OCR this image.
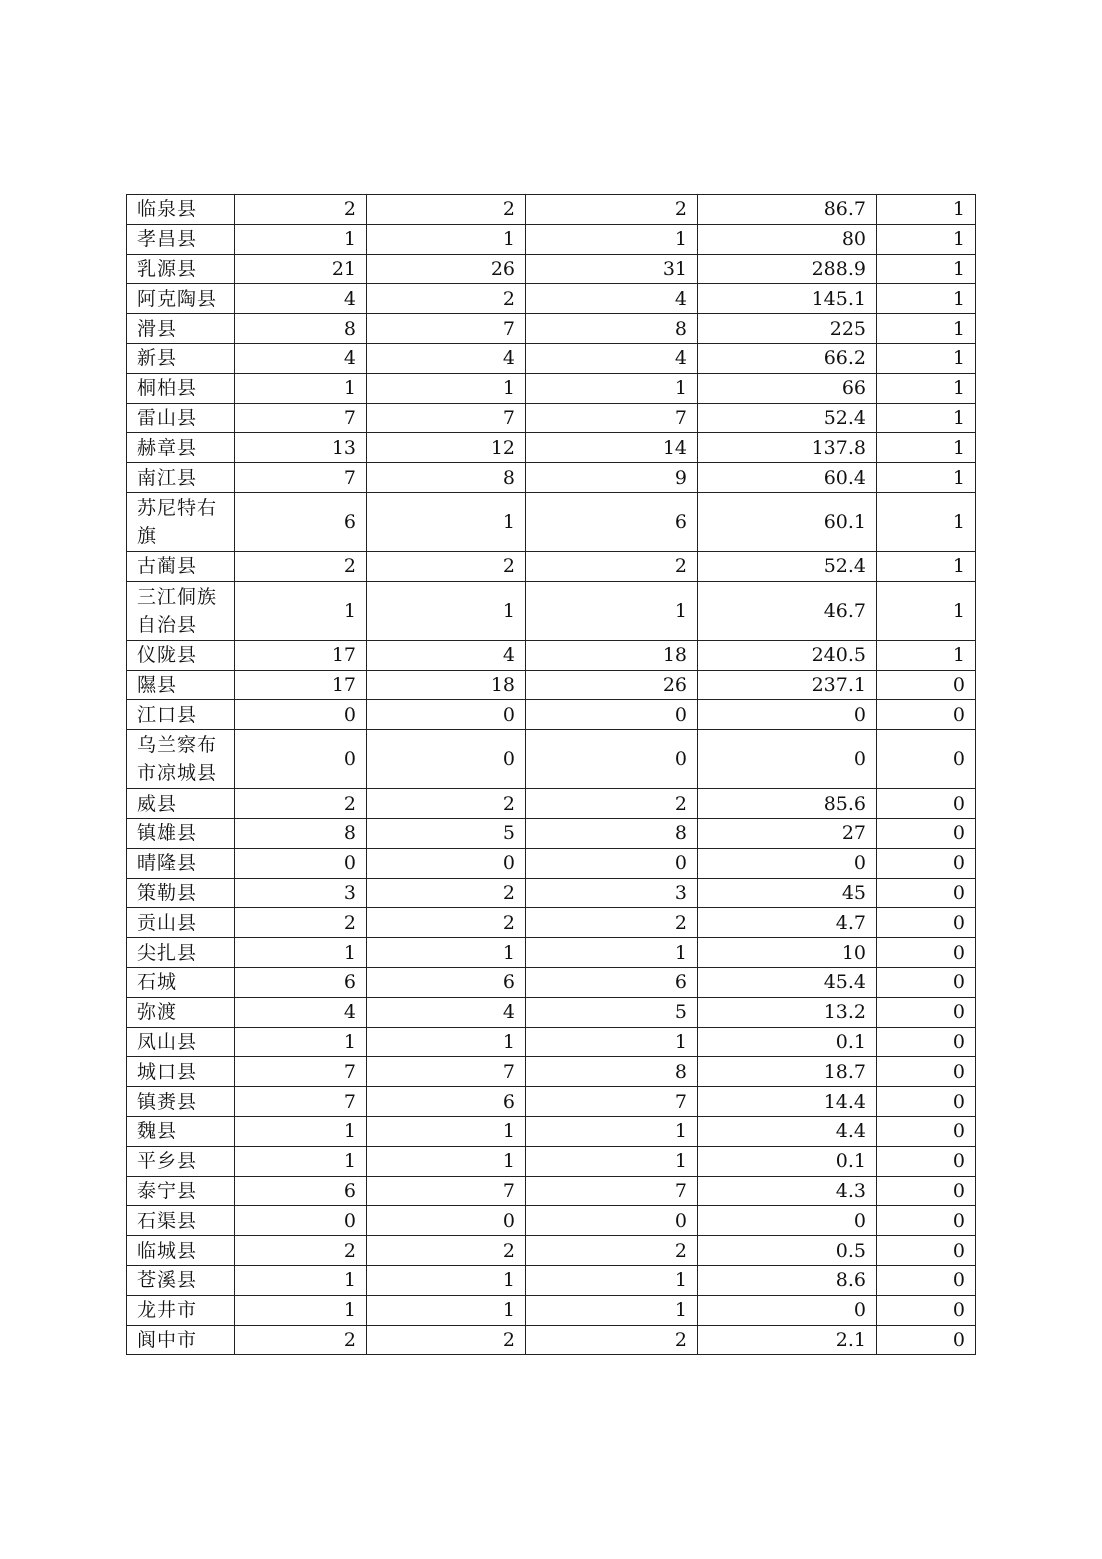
临泉县	2	2	2	86.7	1
孝昌县	1	1	1	80	1
乳源县	21	26	31	288.9	1
阿克陶县	4	2	4	145.1	1
滑县	8	7	8	225	1
新县	4	4	4	66.2	1
桐柏县	1	1	1	66	1
雷山县	7	7	7	52.4	1
赫章县	13	12	14	137.8	1
南江县	7	8	9	60.4	1
苏尼特右旗	6	1	6	60.1	1
古蔺县	2	2	2	52.4	1
三江侗族自治县	1	1	1	46.7	1
仪陇县	17	4	18	240.5	1
隰县	17	18	26	237.1	0
江口县	0	0	0	0	0
乌兰察布市凉城县	0	0	0	0	0
威县	2	2	2	85.6	0
镇雄县	8	5	8	27	0
晴隆县	0	0	0	0	0
策勒县	3	2	3	45	0
贡山县	2	2	2	4.7	0
尖扎县	1	1	1	10	0
石城	6	6	6	45.4	0
弥渡	4	4	5	13.2	0
凤山县	1	1	1	0.1	0
城口县	7	7	8	18.7	0
镇赉县	7	6	7	14.4	0
魏县	1	1	1	4.4	0
平乡县	1	1	1	0.1	0
泰宁县	6	7	7	4.3	0
石渠县	0	0	0	0	0
临城县	2	2	2	0.5	0
苍溪县	1	1	1	8.6	0
龙井市	1	1	1	0	0
阆中市	2	2	2	2.1	0
